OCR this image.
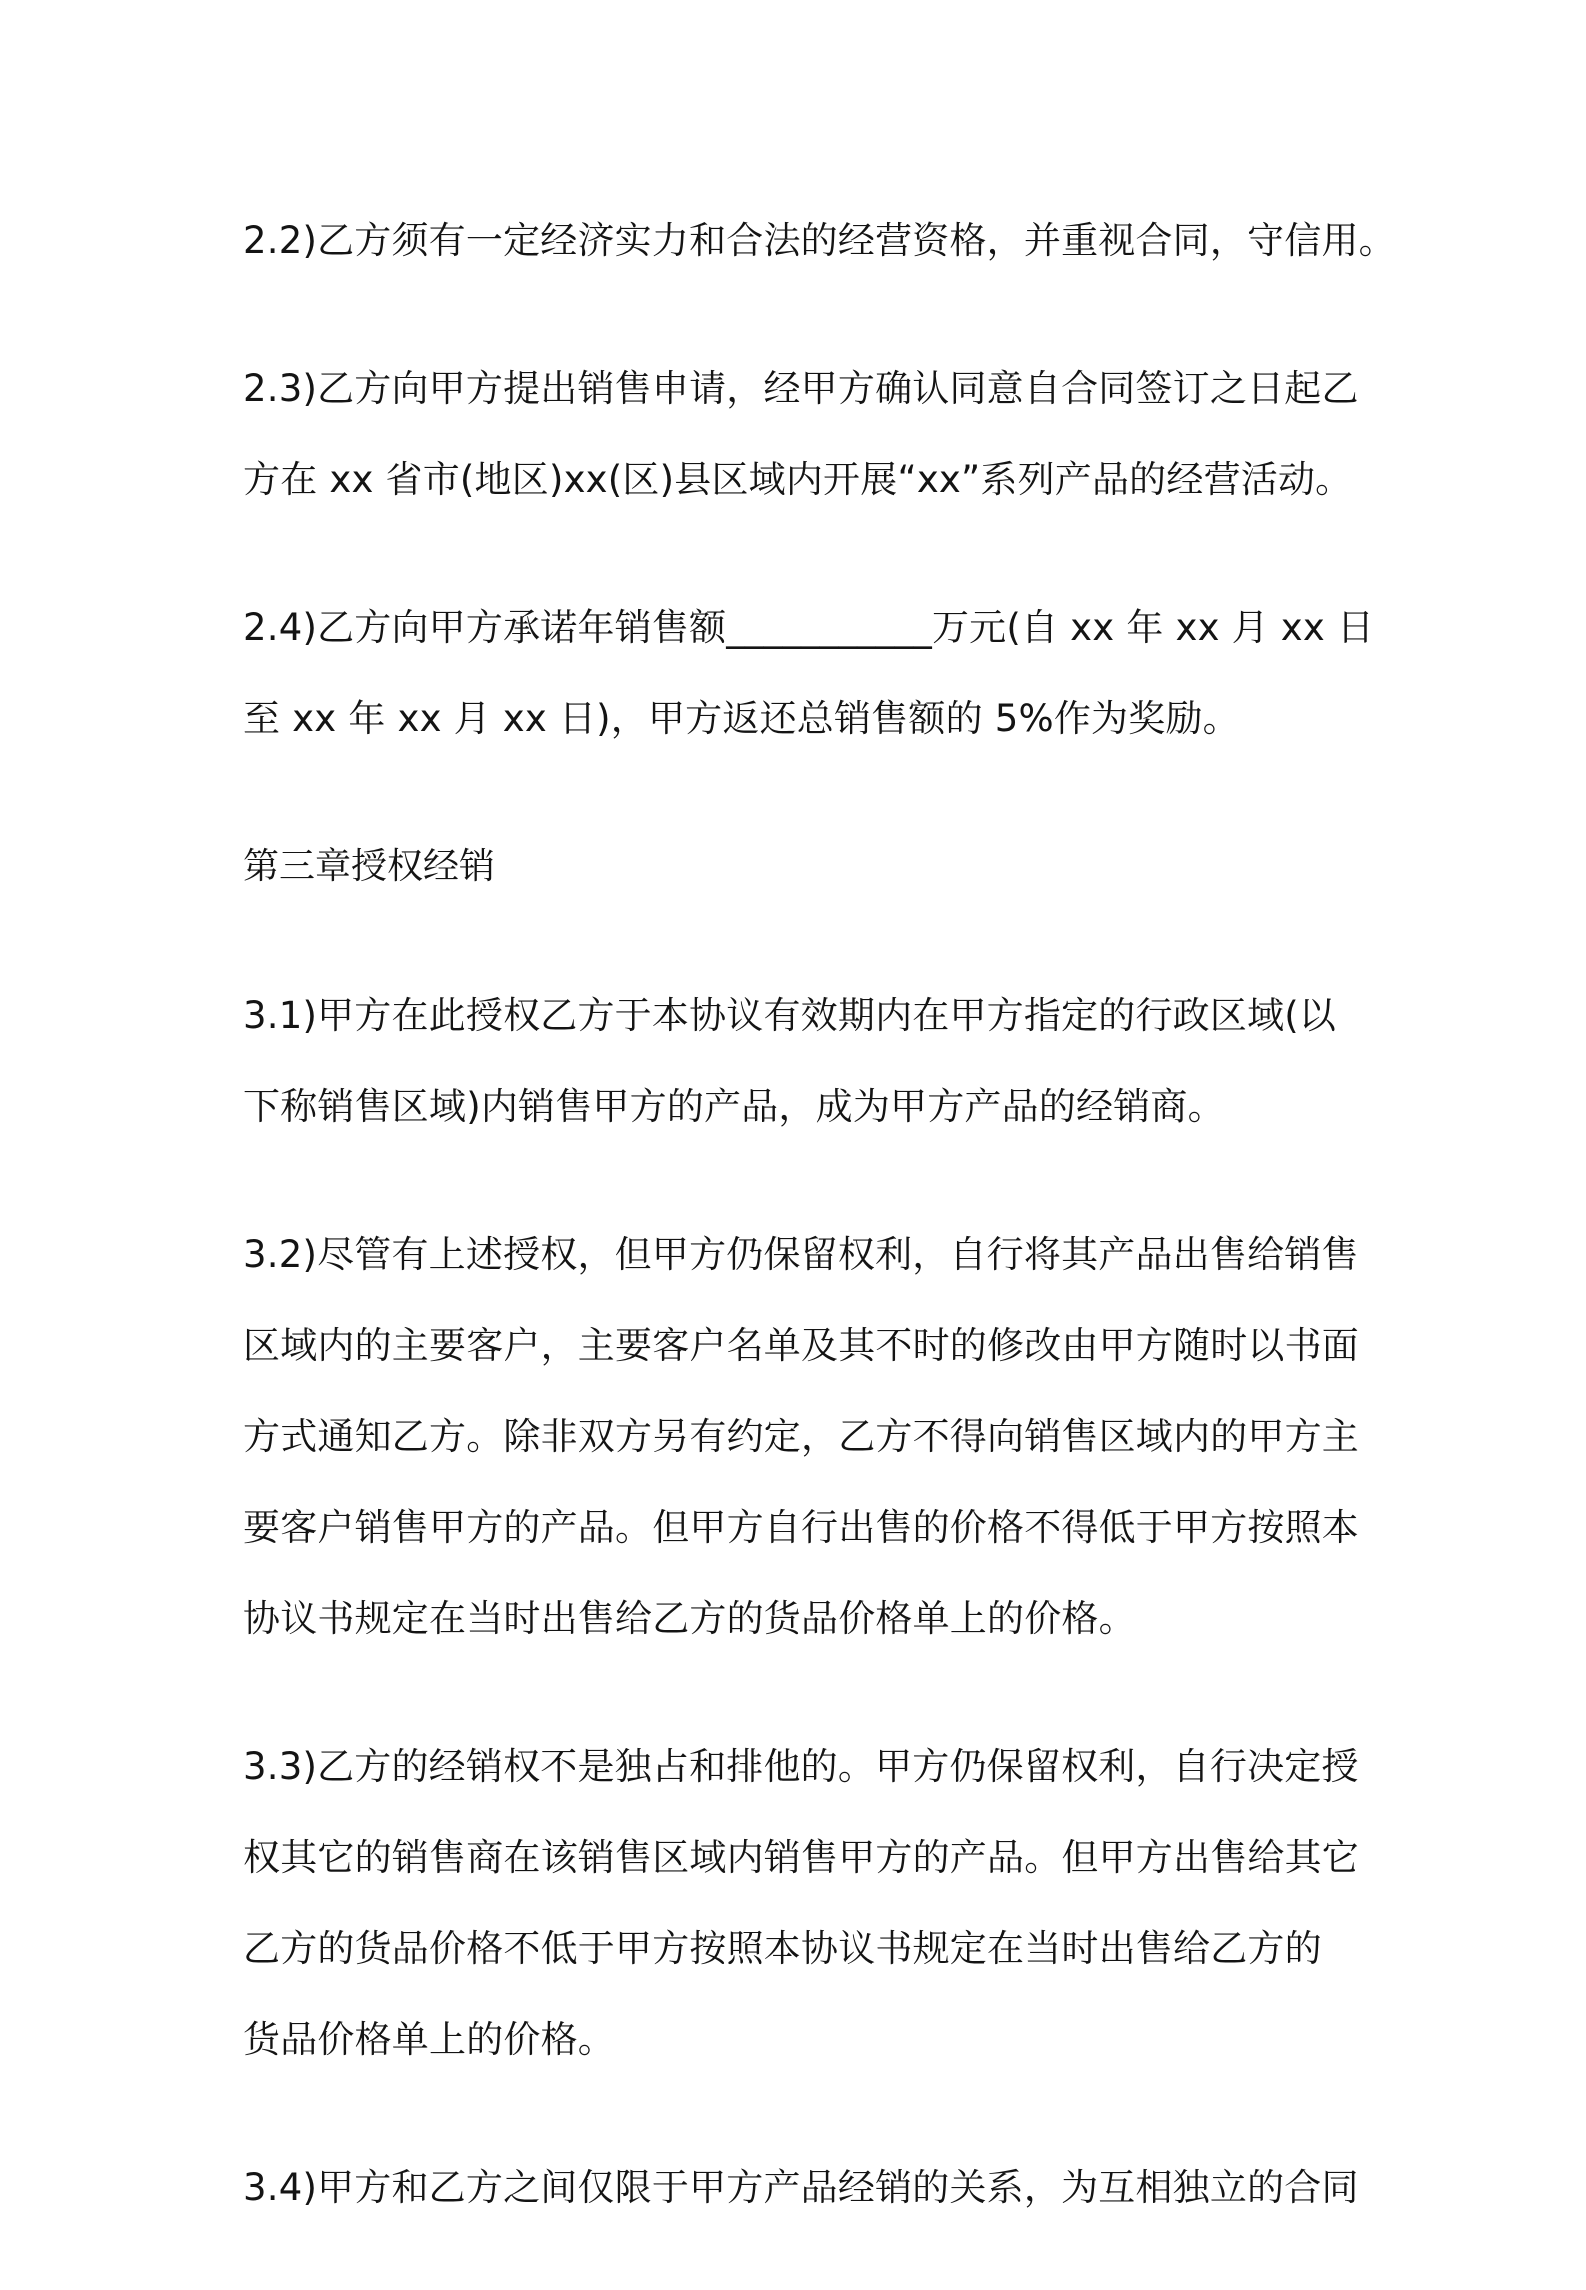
2.2)乙方须有一定经济实力和合法的经营资格，并重视合同，守信用。
2.3)乙方向甲方提出销售申请，经甲方确认同意自合同签订之日起乙
方在 xx 省市(地区)xx(区)县区域内开展“xx”系列产品的经营活动。
2.4)乙方向甲方承诺年销售额___________万元(自 xx 年 xx 月 xx 日
至 xx 年 xx 月 xx 日)，甲方返还总销售额的 5%作为奖励。
第三章授权经销
3.1)甲方在此授权乙方于本协议有效期内在甲方指定的行政区域(以
下称销售区域)内销售甲方的产品，成为甲方产品的经销商。
3.2)尽管有上述授权，但甲方仍保留权利，自行将其产品出售给销售
区域内的主要客户，主要客户名单及其不时的修改由甲方随时以书面
方式通知乙方。除非双方另有约定，乙方不得向销售区域内的甲方主
要客户销售甲方的产品。但甲方自行出售的价格不得低于甲方按照本
协议书规定在当时出售给乙方的货品价格单上的价格。
3.3)乙方的经销权不是独占和排他的。甲方仍保留权利，自行决定授
权其它的销售商在该销售区域内销售甲方的产品。但甲方出售给其它
乙方的货品价格不低于甲方按照本协议书规定在当时出售给乙方的
货品价格单上的价格。
3.4)甲方和乙方之间仅限于甲方产品经销的关系，为互相独立的合同
